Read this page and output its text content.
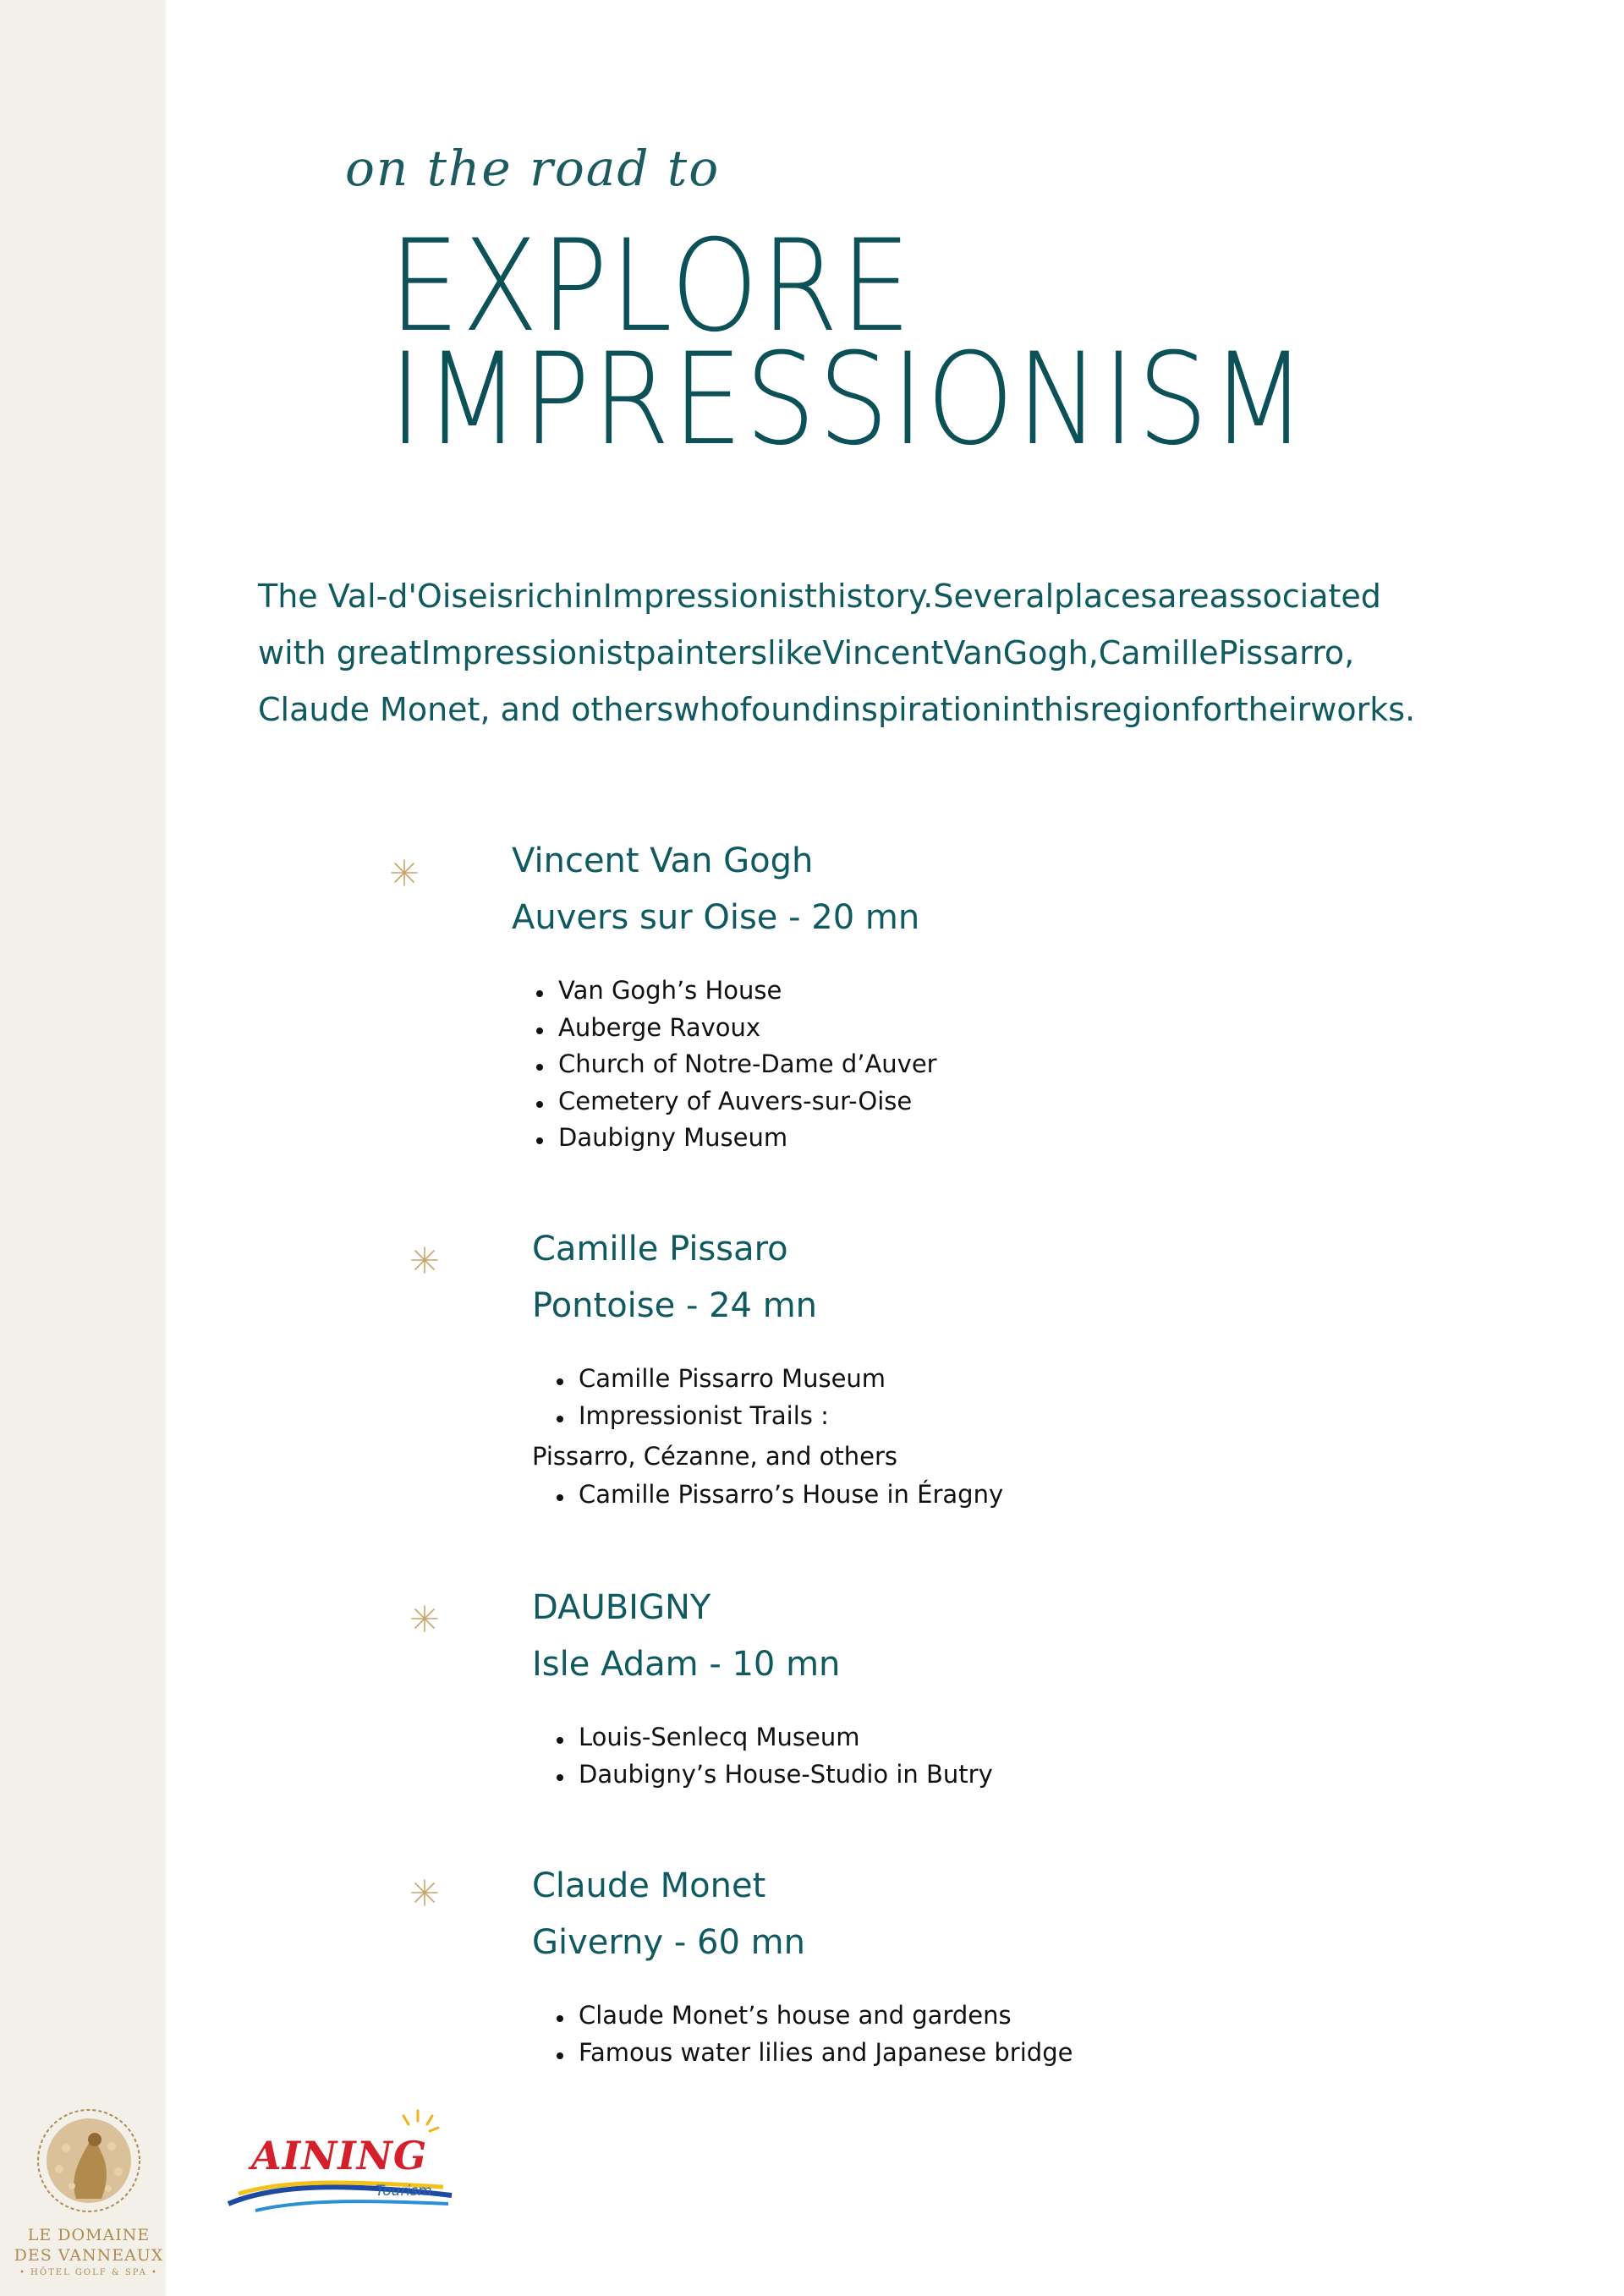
on the road to
EXPLORE
IMPRESSIONISM

The Val-d'OiseisrichinImpressionisthistory.Severalplacesareassociated

with greatImpressionistpainterslikeVincentVanGogh,CamillePissarro,

Claude Monet, and otherswhofoundinspirationinthisregionfortheirworks.

Vincent Van Gogh
Auvers sur Oise - 20 mn
Van Gogh’s House
Auberge Ravoux
Church of Notre-Dame d’Auver
Cemetery of Auvers-sur-Oise
Daubigny Museum
Camille Pissaro
Pontoise - 24 mn
Camille Pissarro Museum
Impressionist Trails :
Pissarro, Cézanne, and others
Camille Pissarro’s House in Éragny
DAUBIGNY
Isle Adam - 10 mn
Louis-Senlecq Museum
Daubigny’s House-Studio in Butry
Claude Monet
Giverny - 60 mn
Claude Monet’s house and gardens
Famous water lilies and Japanese bridge
LE DOMAINE
DES VANNEAUX
• HÔTEL GOLF & SPA •
AINING
Tourism
